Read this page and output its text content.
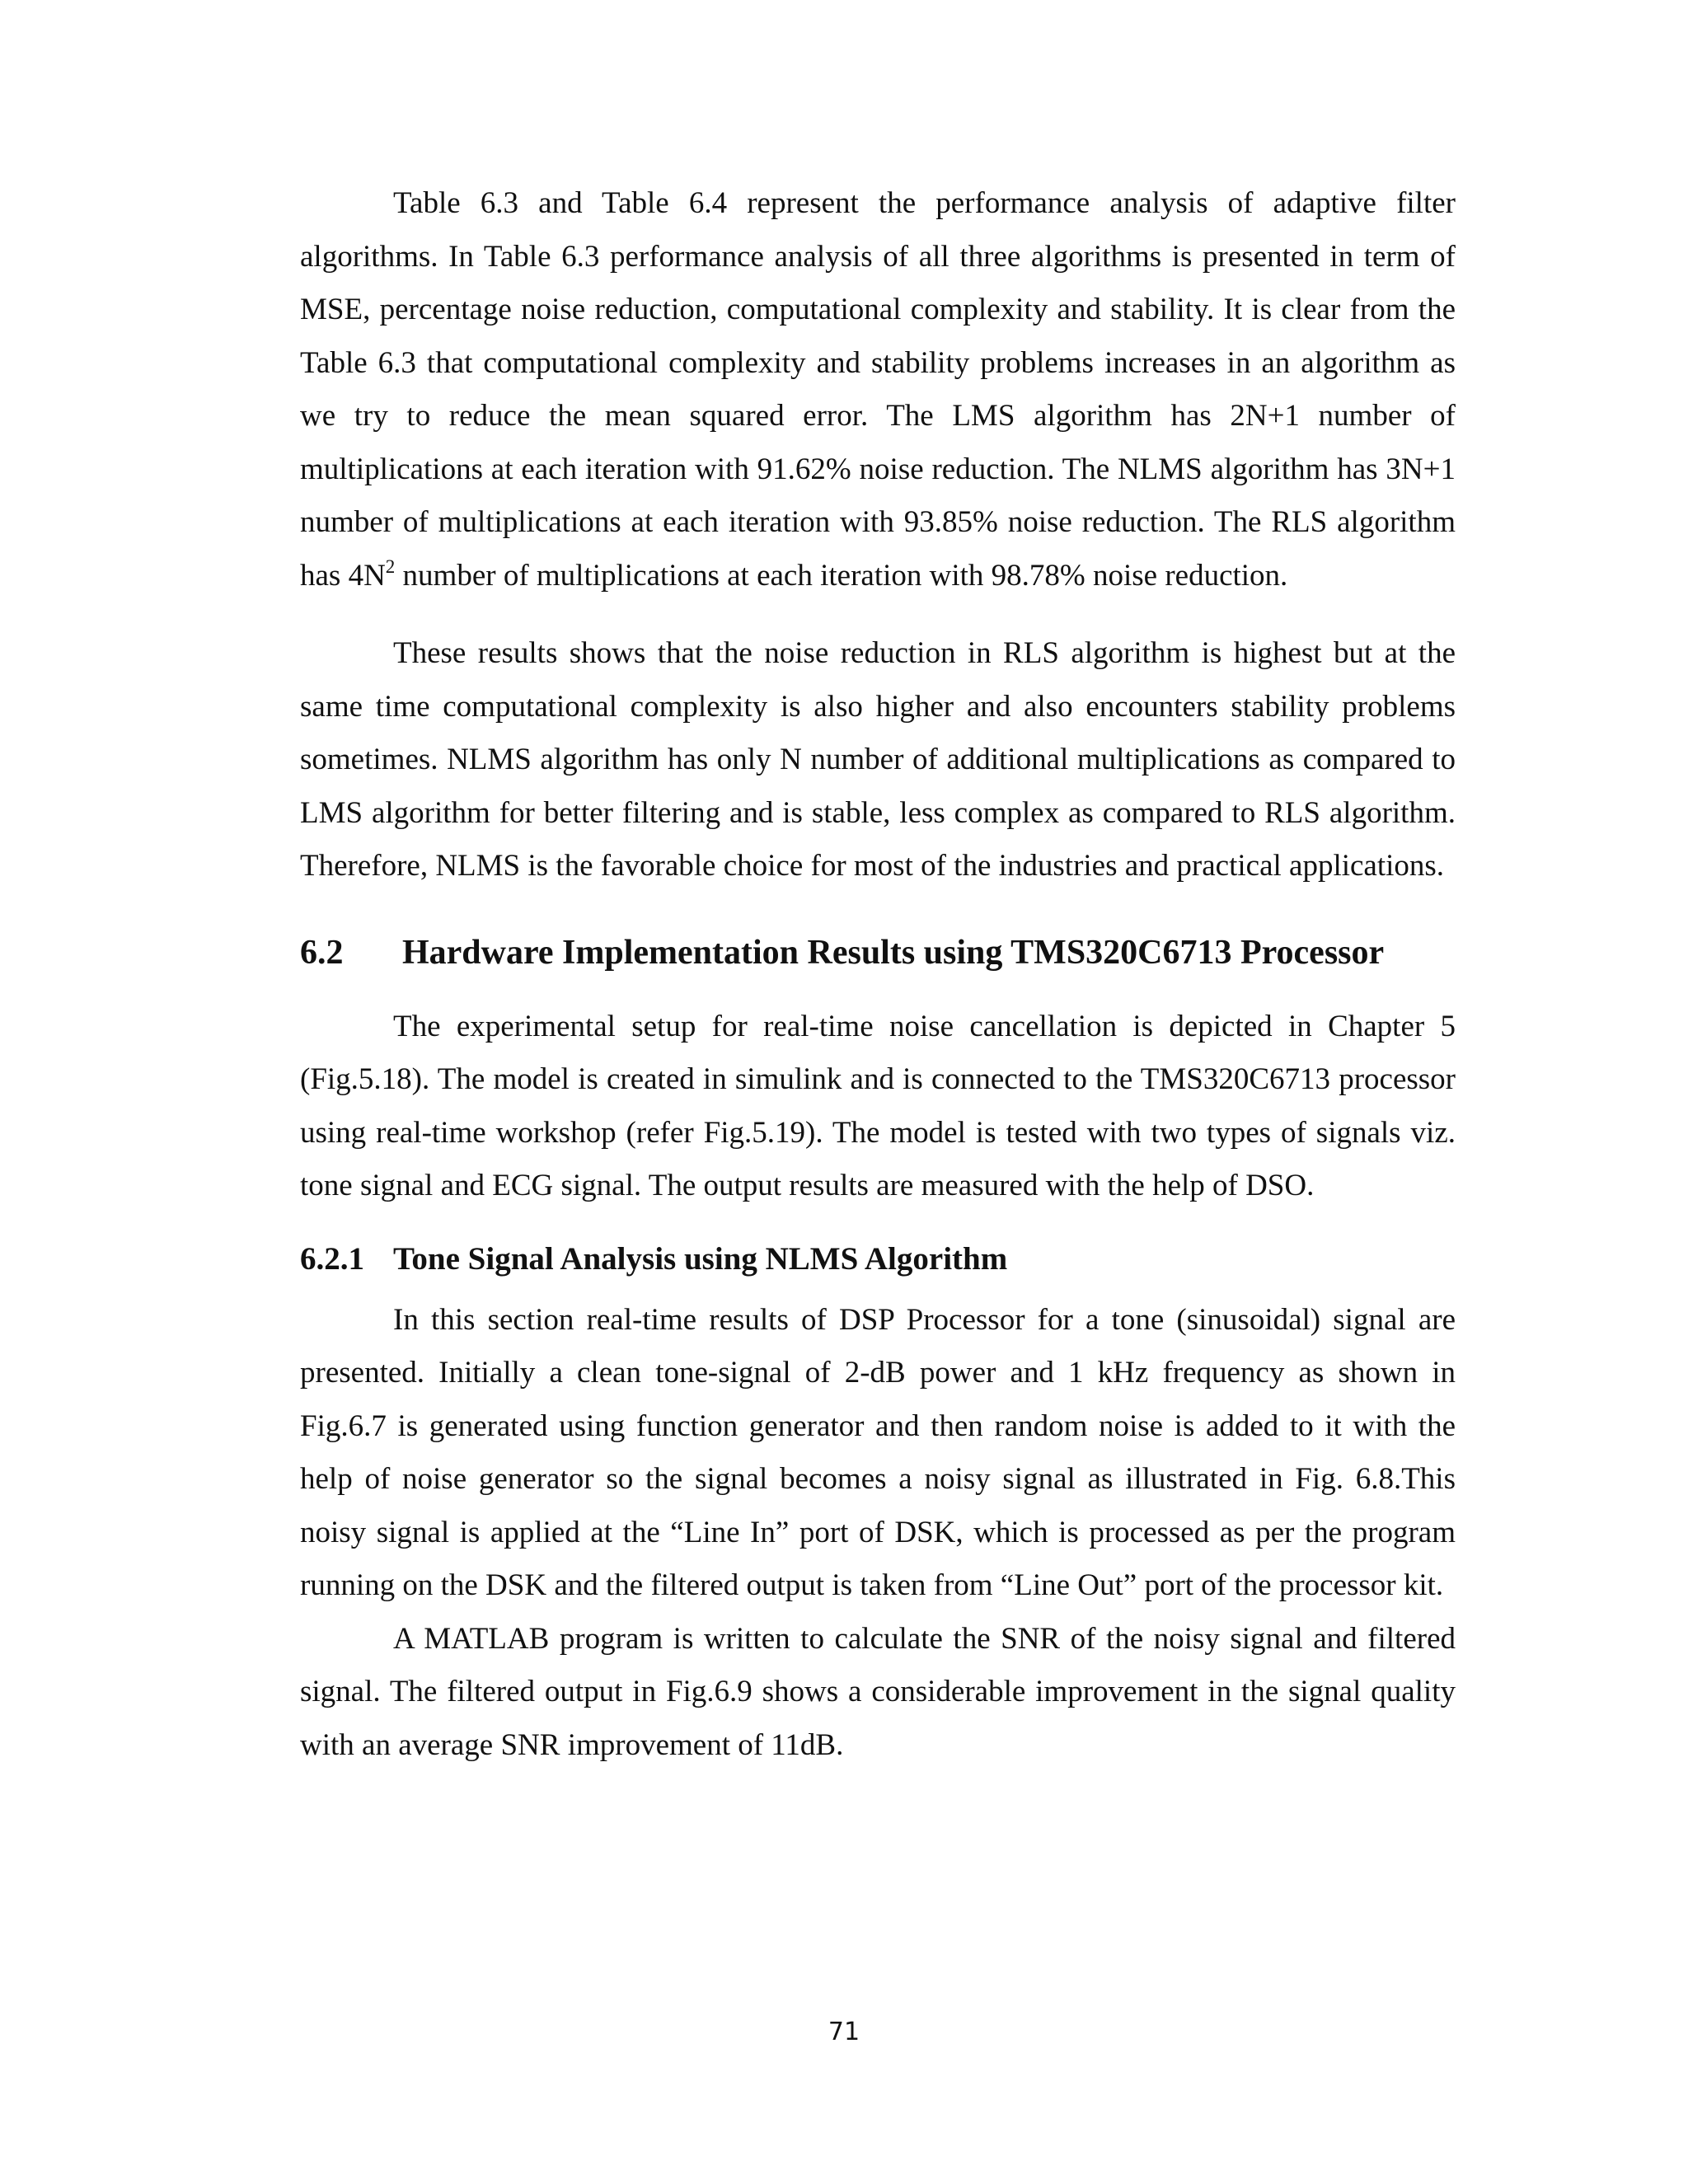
Table 6.3 and Table 6.4 represent the performance analysis of adaptive filter algorithms. In Table 6.3 performance analysis of all three algorithms is presented in term of MSE, percentage noise reduction, computational complexity and stability. It is clear from the Table 6.3 that computational complexity and stability problems increases in an algorithm as we try to reduce the mean squared error. The LMS algorithm has 2N+1 number of multiplications at each iteration with 91.62% noise reduction. The NLMS algorithm has 3N+1 number of multiplications at each iteration with 93.85% noise reduction. The RLS algorithm has $4N^2$ number of multiplications at each iteration with 98.78% noise reduction.

These results shows that the noise reduction in RLS algorithm is highest but at the same time computational complexity is also higher and also encounters stability problems sometimes. NLMS algorithm has only N number of additional multiplications as compared to LMS algorithm for better filtering and is stable, less complex as compared to RLS algorithm. Therefore, NLMS is the favorable choice for most of the industries and practical applications.

6.2	Hardware Implementation Results using TMS320C6713 Processor

The experimental setup for real-time noise cancellation is depicted in Chapter 5 (Fig.5.18). The model is created in simulink and is connected to the TMS320C6713 processor using real-time workshop (refer Fig.5.19). The model is tested with two types of signals viz. tone signal and ECG signal. The output results are measured with the help of DSO.

6.2.1 Tone Signal Analysis using NLMS Algorithm

In this section real-time results of DSP Processor for a tone (sinusoidal) signal are presented. Initially a clean tone-signal of 2-dB power and 1 kHz frequency as shown in Fig.6.7 is generated using function generator and then random noise is added to it with the help of noise generator so the signal becomes a noisy signal as illustrated in Fig. 6.8.This noisy signal is applied at the “Line In” port of DSK, which is processed as per the program running on the DSK and the filtered output is taken from “Line Out” port of the processor kit.

A MATLAB program is written to calculate the SNR of the noisy signal and filtered signal. The filtered output in Fig.6.9 shows a considerable improvement in the signal quality with an average SNR improvement of 11dB.

71
